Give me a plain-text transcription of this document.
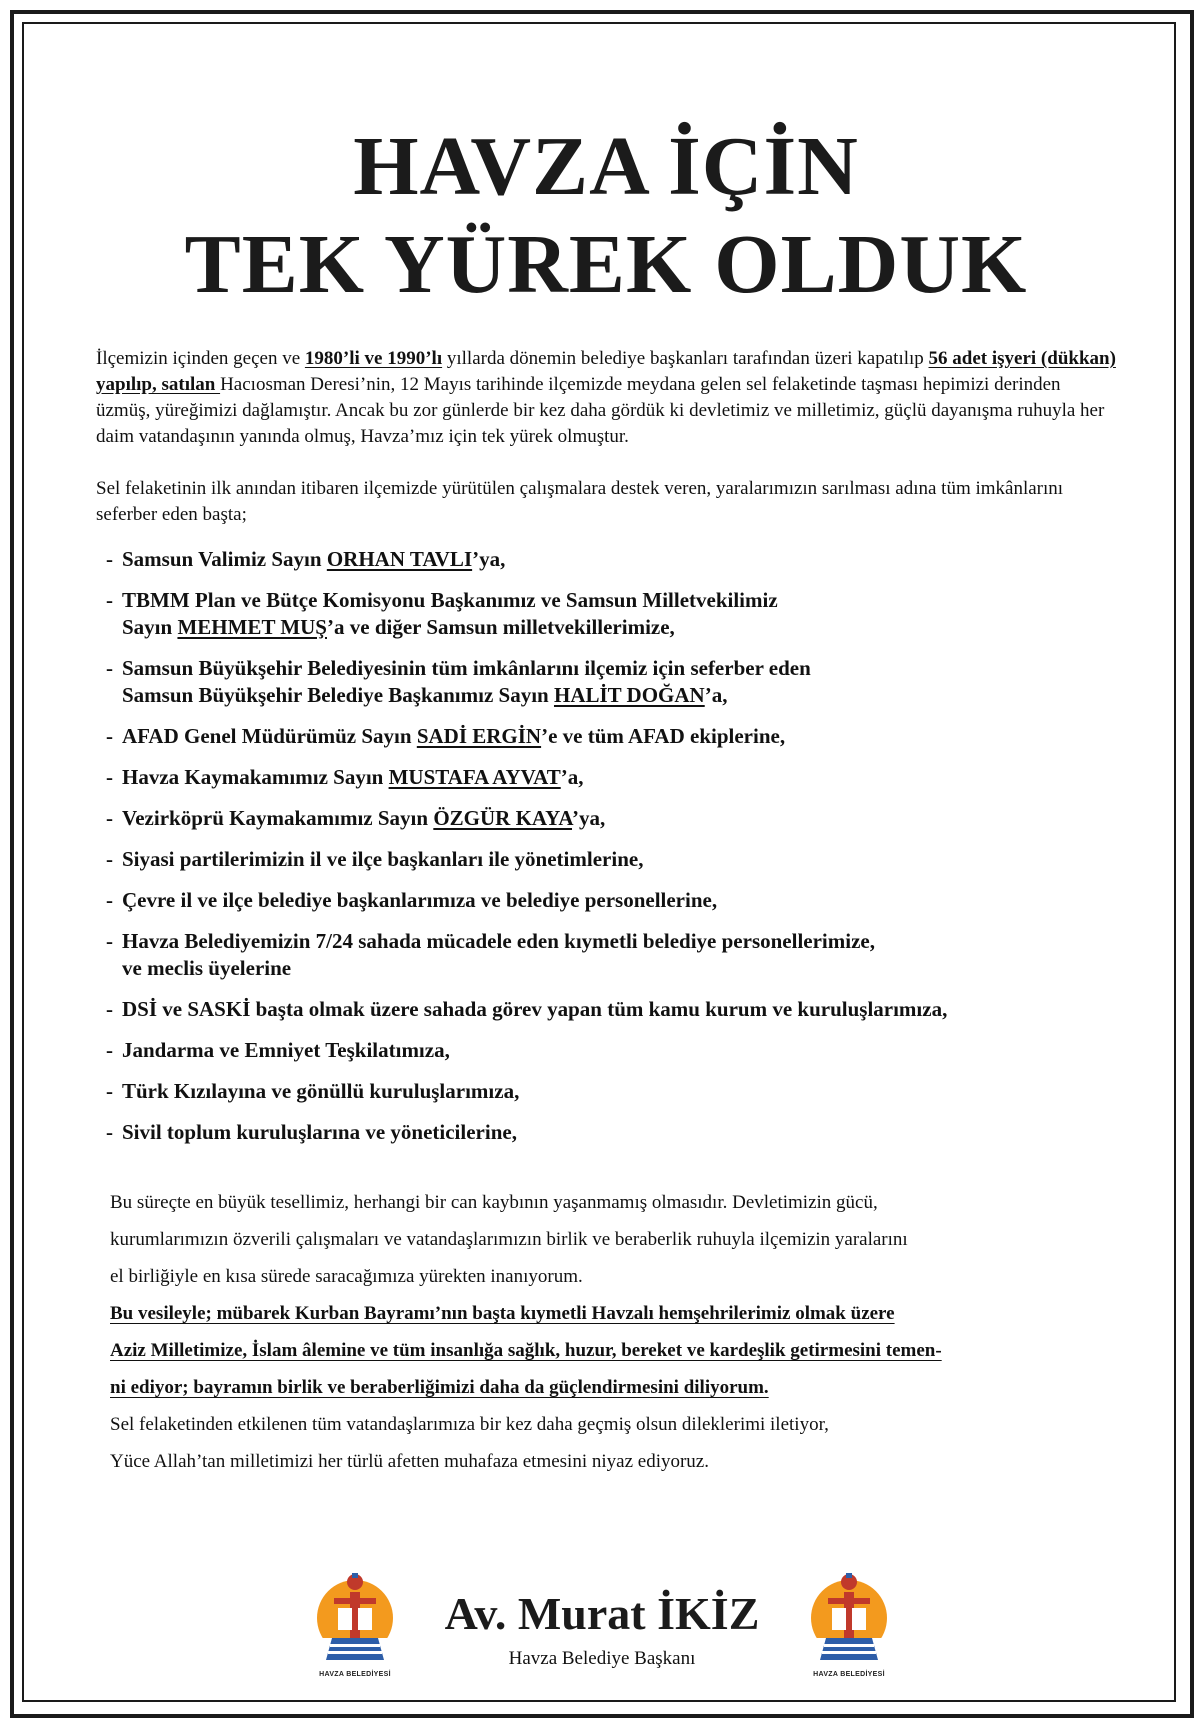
HAVZA İÇİN
TEK YÜREK OLDUK

İlçemizin içinden geçen ve 1980’li ve 1990’lı yıllarda dönemin belediye başkanları tarafından üzeri kapatılıp 56 adet işyeri (dükkan) yapılıp, satılan Hacıosman Deresi’nin, 12 Mayıs tarihinde ilçemizde meydana gelen sel felaketinde taşması hepimizi derinden üzmüş, yüreğimizi dağlamıştır. Ancak bu zor günlerde bir kez daha gördük ki devletimiz ve milletimiz, güçlü dayanışma ruhuyla her daim vatandaşının yanında olmuş, Havza’mız için tek yürek olmuştur.

Sel felaketinin ilk anından itibaren ilçemizde yürütülen çalışmalara destek veren, yaralarımızın sarılması adına tüm imkânlarını seferber eden başta;

- Samsun Valimiz Sayın ORHAN TAVLI’ya,
- TBMM Plan ve Bütçe Komisyonu Başkanımız ve Samsun Milletvekilimiz
Sayın MEHMET MUŞ’a ve diğer Samsun milletvekillerimize,
- Samsun Büyükşehir Belediyesinin tüm imkânlarını ilçemiz için seferber eden
Samsun Büyükşehir Belediye Başkanımız Sayın HALİT DOĞAN’a,
- AFAD Genel Müdürümüz Sayın SADİ ERGİN’e ve tüm AFAD ekiplerine,
- Havza Kaymakamımız Sayın MUSTAFA AYVAT’a,
- Vezirköprü Kaymakamımız Sayın ÖZGÜR KAYA’ya,
- Siyasi partilerimizin il ve ilçe başkanları ile yönetimlerine,
- Çevre il ve ilçe belediye başkanlarımıza ve belediye personellerine,
- Havza Belediyemizin 7/24 sahada mücadele eden kıymetli belediye personellerimize,
ve meclis üyelerine
- DSİ ve SASKİ başta olmak üzere sahada görev yapan tüm kamu kurum ve kuruluşlarımıza,
- Jandarma ve Emniyet Teşkilatımıza,
- Türk Kızılayına ve gönüllü kuruluşlarımıza,
- Sivil toplum kuruluşlarına ve yöneticilerine,

Bu süreçte en büyük tesellimiz, herhangi bir can kaybının yaşanmamış olmasıdır. Devletimizin gücü,

kurumlarımızın özverili çalışmaları ve vatandaşlarımızın birlik ve beraberlik ruhuyla ilçemizin yaralarını

el birliğiyle en kısa sürede saracağımıza yürekten inanıyorum.

Bu vesileyle; mübarek Kurban Bayramı’nın başta kıymetli Havzalı hemşehrilerimiz olmak üzere

Aziz Milletimize, İslam âlemine ve tüm insanlığa sağlık, huzur, bereket ve kardeşlik getirmesini temen-

ni ediyor; bayramın birlik ve beraberliğimizi daha da güçlendirmesini diliyorum.

Sel felaketinden etkilenen tüm vatandaşlarımıza bir kez daha geçmiş olsun dileklerimi iletiyor,

Yüce Allah’tan milletimizi her türlü afetten muhafaza etmesini niyaz ediyoruz.

HAVZA BELEDİYESİ
Av. Murat İKİZ
Havza Belediye Başkanı
HAVZA BELEDİYESİ
